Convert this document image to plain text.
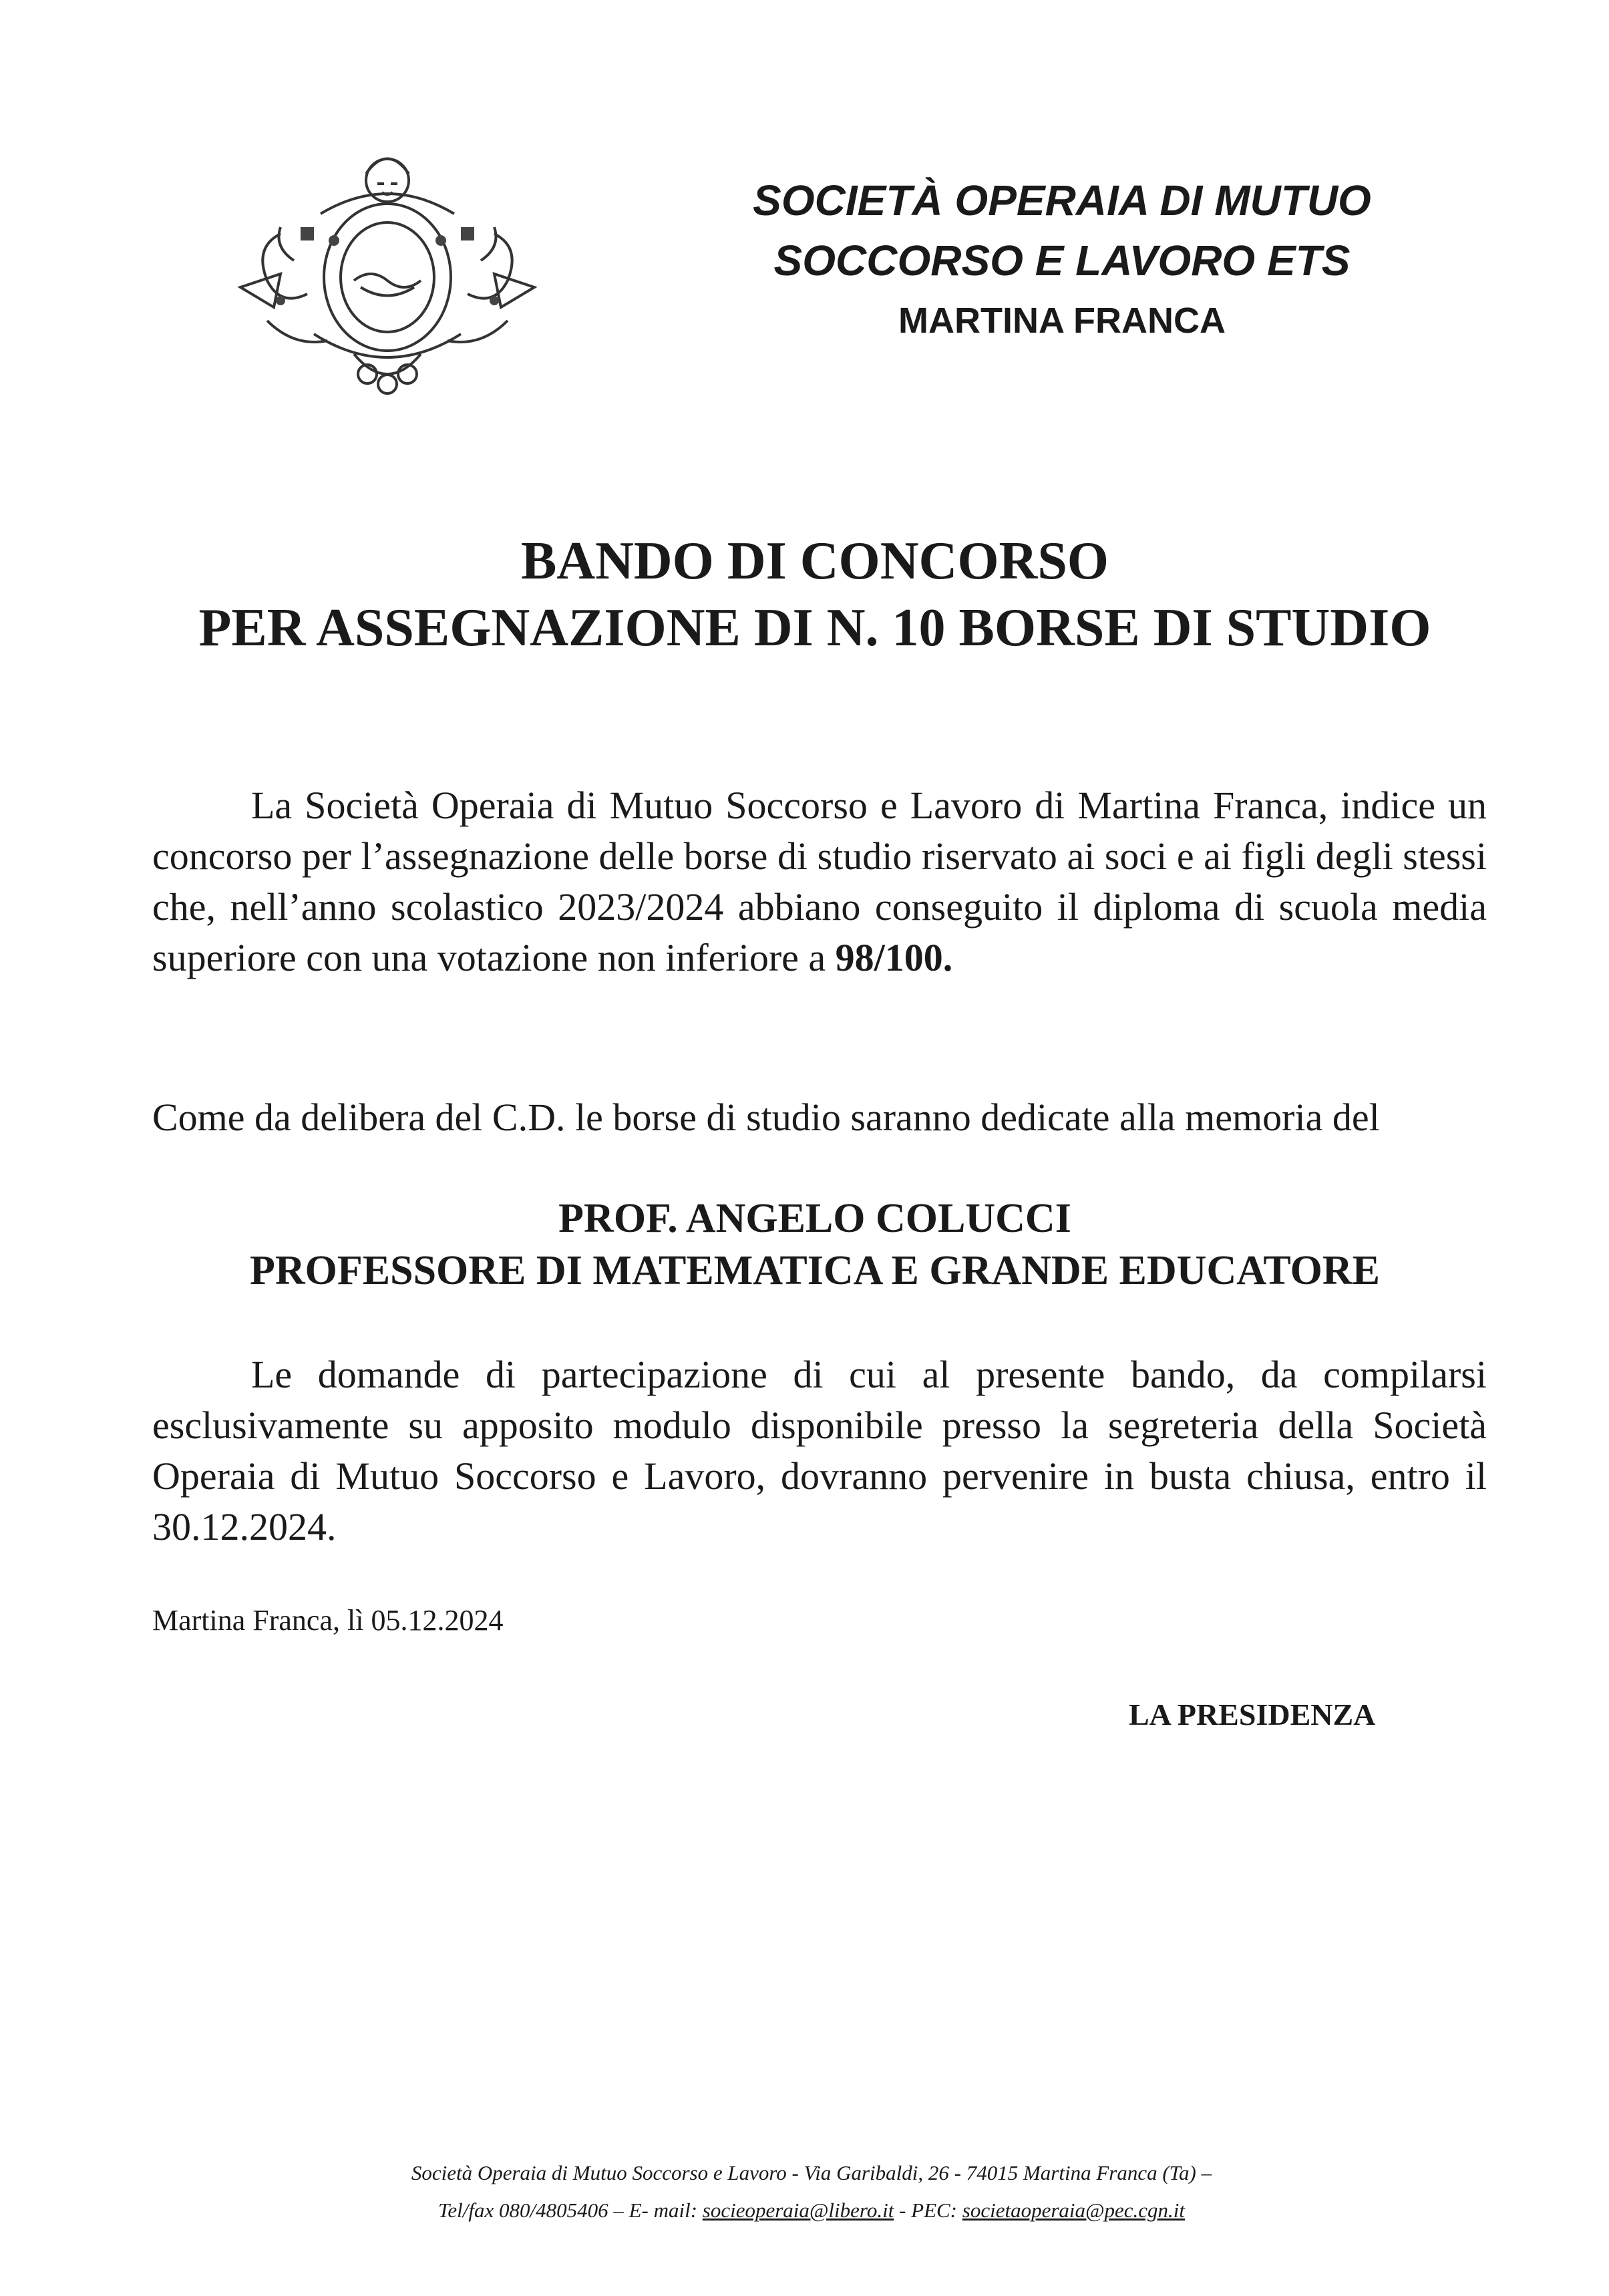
SOCIETÀ OPERAIA DI MUTUO
SOCCORSO E LAVORO ETS
MARTINA FRANCA
BANDO DI CONCORSO
PER ASSEGNAZIONE DI N. 10 BORSE DI STUDIO

La Società Operaia di Mutuo Soccorso e Lavoro di Martina Franca, indice un concorso per l’assegnazione delle borse di studio riservato ai soci e ai figli degli stessi che, nell’anno scolastico 2023/2024 abbiano conseguito il diploma di scuola media superiore con una votazione non inferiore a 98/100.

Come da delibera del C.D. le borse di studio saranno dedicate alla memoria del

PROF. ANGELO COLUCCI
PROFESSORE DI MATEMATICA E GRANDE EDUCATORE

Le domande di partecipazione di cui al presente bando, da compilarsi esclusivamente su apposito modulo disponibile presso la segreteria della Società Operaia di Mutuo Soccorso e Lavoro, dovranno pervenire in busta chiusa, entro il 30.12.2024.

Martina Franca, lì 05.12.2024
LA PRESIDENZA
Società Operaia di Mutuo Soccorso e Lavoro - Via Garibaldi, 26 - 74015 Martina Franca (Ta) –
Tel/fax 080/4805406 – E- mail: socieoperaia@libero.it - PEC: societaoperaia@pec.cgn.it
